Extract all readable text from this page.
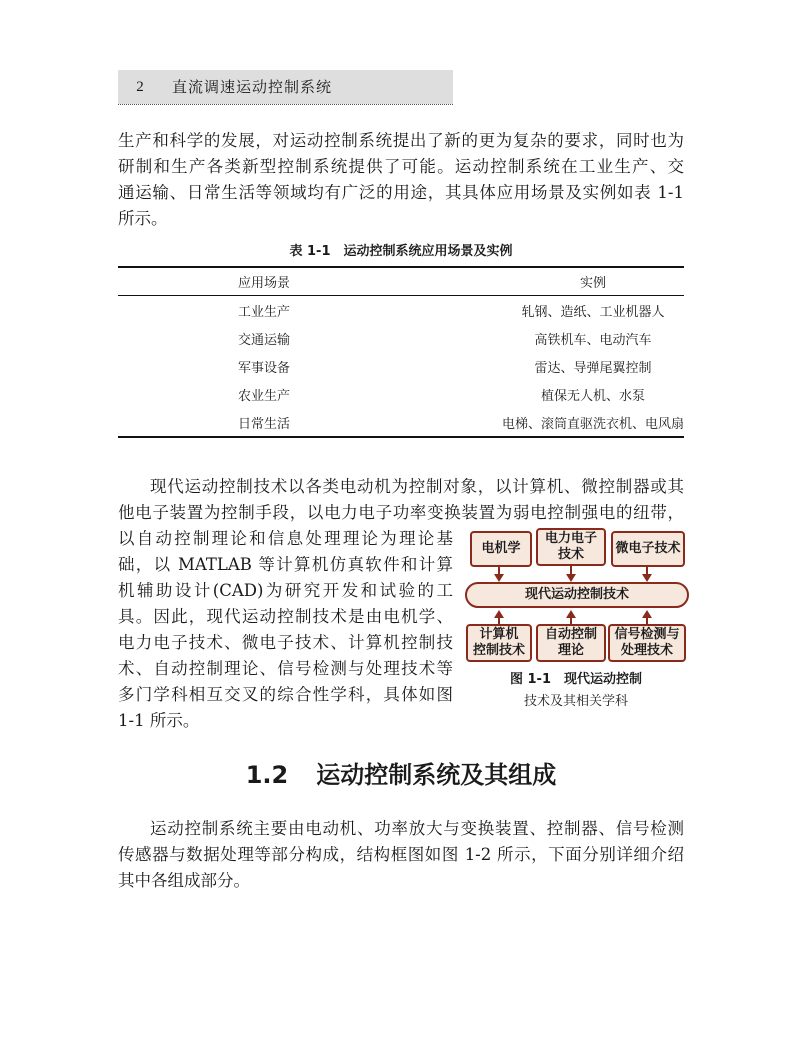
2	直流调速运动控制系统
生产和科学的发展，对运动控制系统提出了新的更为复杂的要求，同时也为
研制和生产各类新型控制系统提供了可能。运动控制系统在工业生产、交
通运输、日常生活等领域均有广泛的用途，其具体应用场景及实例如表 1-1
所示。
表 1-1　运动控制系统应用场景及实例
应用场景	实例
工业生产	轧钢、造纸、工业机器人
交通运输	高铁机车、电动汽车
军事设备	雷达、导弹尾翼控制
农业生产	植保无人机、水泵
日常生活	电梯、滚筒直驱洗衣机、电风扇
现代运动控制技术以各类电动机为控制对象，以计算机、微控制器或其
他电子装置为控制手段，以电力电子功率变换装置为弱电控制强电的纽带，
以自动控制理论和信息处理理论为理论基
础，以 MATLAB 等计算机仿真软件和计算
机辅助设计(CAD)为研究开发和试验的工
具。因此，现代运动控制技术是由电机学、
电力电子技术、微电子技术、计算机控制技
术、自动控制理论、信号检测与处理技术等
多门学科相互交叉的综合性学科，具体如图
1-1 所示。
电机学
电力电子
技术	微电子技术
现代运动控制技术
计算机
控制技术
自动控制
理论
信号检测与
处理技术
图 1-1　现代运动控制
技术及其相关学科
1.2 运动控制系统及其组成
运动控制系统主要由电动机、功率放大与变换装置、控制器、信号检测
传感器与数据处理等部分构成，结构框图如图 1-2 所示，下面分别详细介绍
其中各组成部分。
